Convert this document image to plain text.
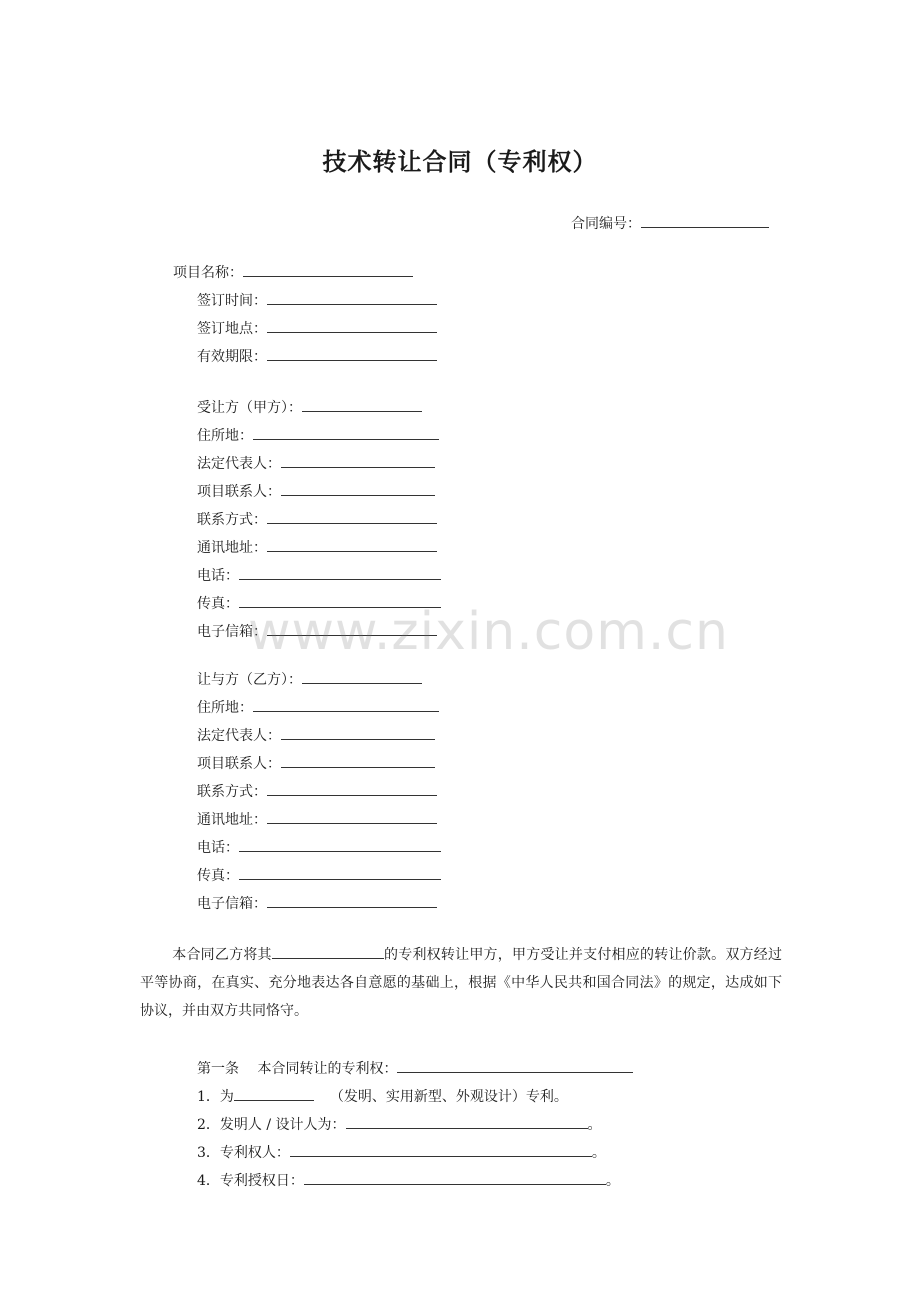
技术转让合同（专利权）
合同编号：
项目名称：
签订时间：
签订地点：
有效期限：
受让方（甲方）：
住所地：
法定代表人：
项目联系人：
联系方式：
通讯地址：
电话：
传真：
电子信箱：
让与方（乙方）：
住所地：
法定代表人：
项目联系人：
联系方式：
通讯地址：
电话：
传真：
电子信箱：
本合同乙方将其	的专利权转让甲方，甲方受让并支付相应的转让价款。双方经过平等协商，在真实、充分地表达各自意愿的基础上，根据《中华人民共和国合同法》的规定，达成如下协议，并由双方共同恪守。
第一条　 本合同转让的专利权：
1．为	（发明、实用新型、外观设计）专利。
2．发明人 / 设计人为：	。
3．专利权人：	。
4．专利授权日：	。
www.zixin.com.cn
